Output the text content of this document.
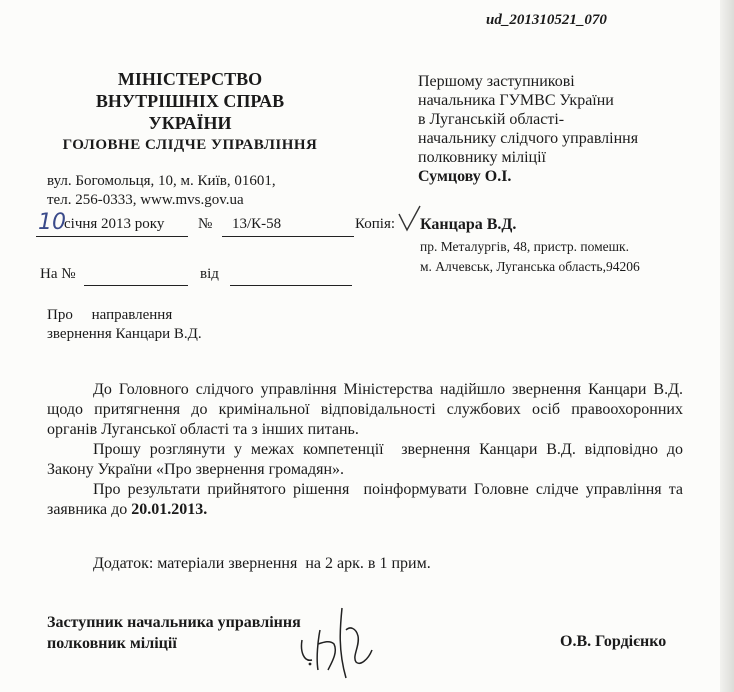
ud_201310521_070
МІНІСТЕРСТВО
ВНУТРІШНІХ СПРАВ
УКРАЇНИ
ГОЛОВНЕ СЛІДЧЕ УПРАВЛІННЯ
вул. Богомольця, 10, м. Київ, 01601,
тел. 256-0333, www.mvs.gov.ua
Першому заступникові
начальника ГУМВС України
в Луганській області-
начальнику слідчого управління
полковнику міліції
Сумцову О.І.
10
січня 2013 року № 13/К-58	Копія: Канцара В.Д.
пр. Металургів, 48, пристр. помешк.
м. Алчевськ, Луганська область,94206
На №	від
Про     направлення
звернення Канцари В.Д.

До Головного слідчого управління Міністерства надійшло звернення Канцари В.Д. щодо притягнення до кримінальної відповідальності службових осіб правоохоронних органів Луганської області та з інших питань.

Прошу розглянути у межах компетенції  звернення Канцари В.Д. відповідно до Закону України «Про звернення громадян».

Про результати прийнятого рішення  поінформувати Головне слідче управління та заявника до 20.01.2013.

Додаток: матеріали звернення  на 2 арк. в 1 прим.
Заступник начальника управління
полковник міліції	О.В. Гордієнко
